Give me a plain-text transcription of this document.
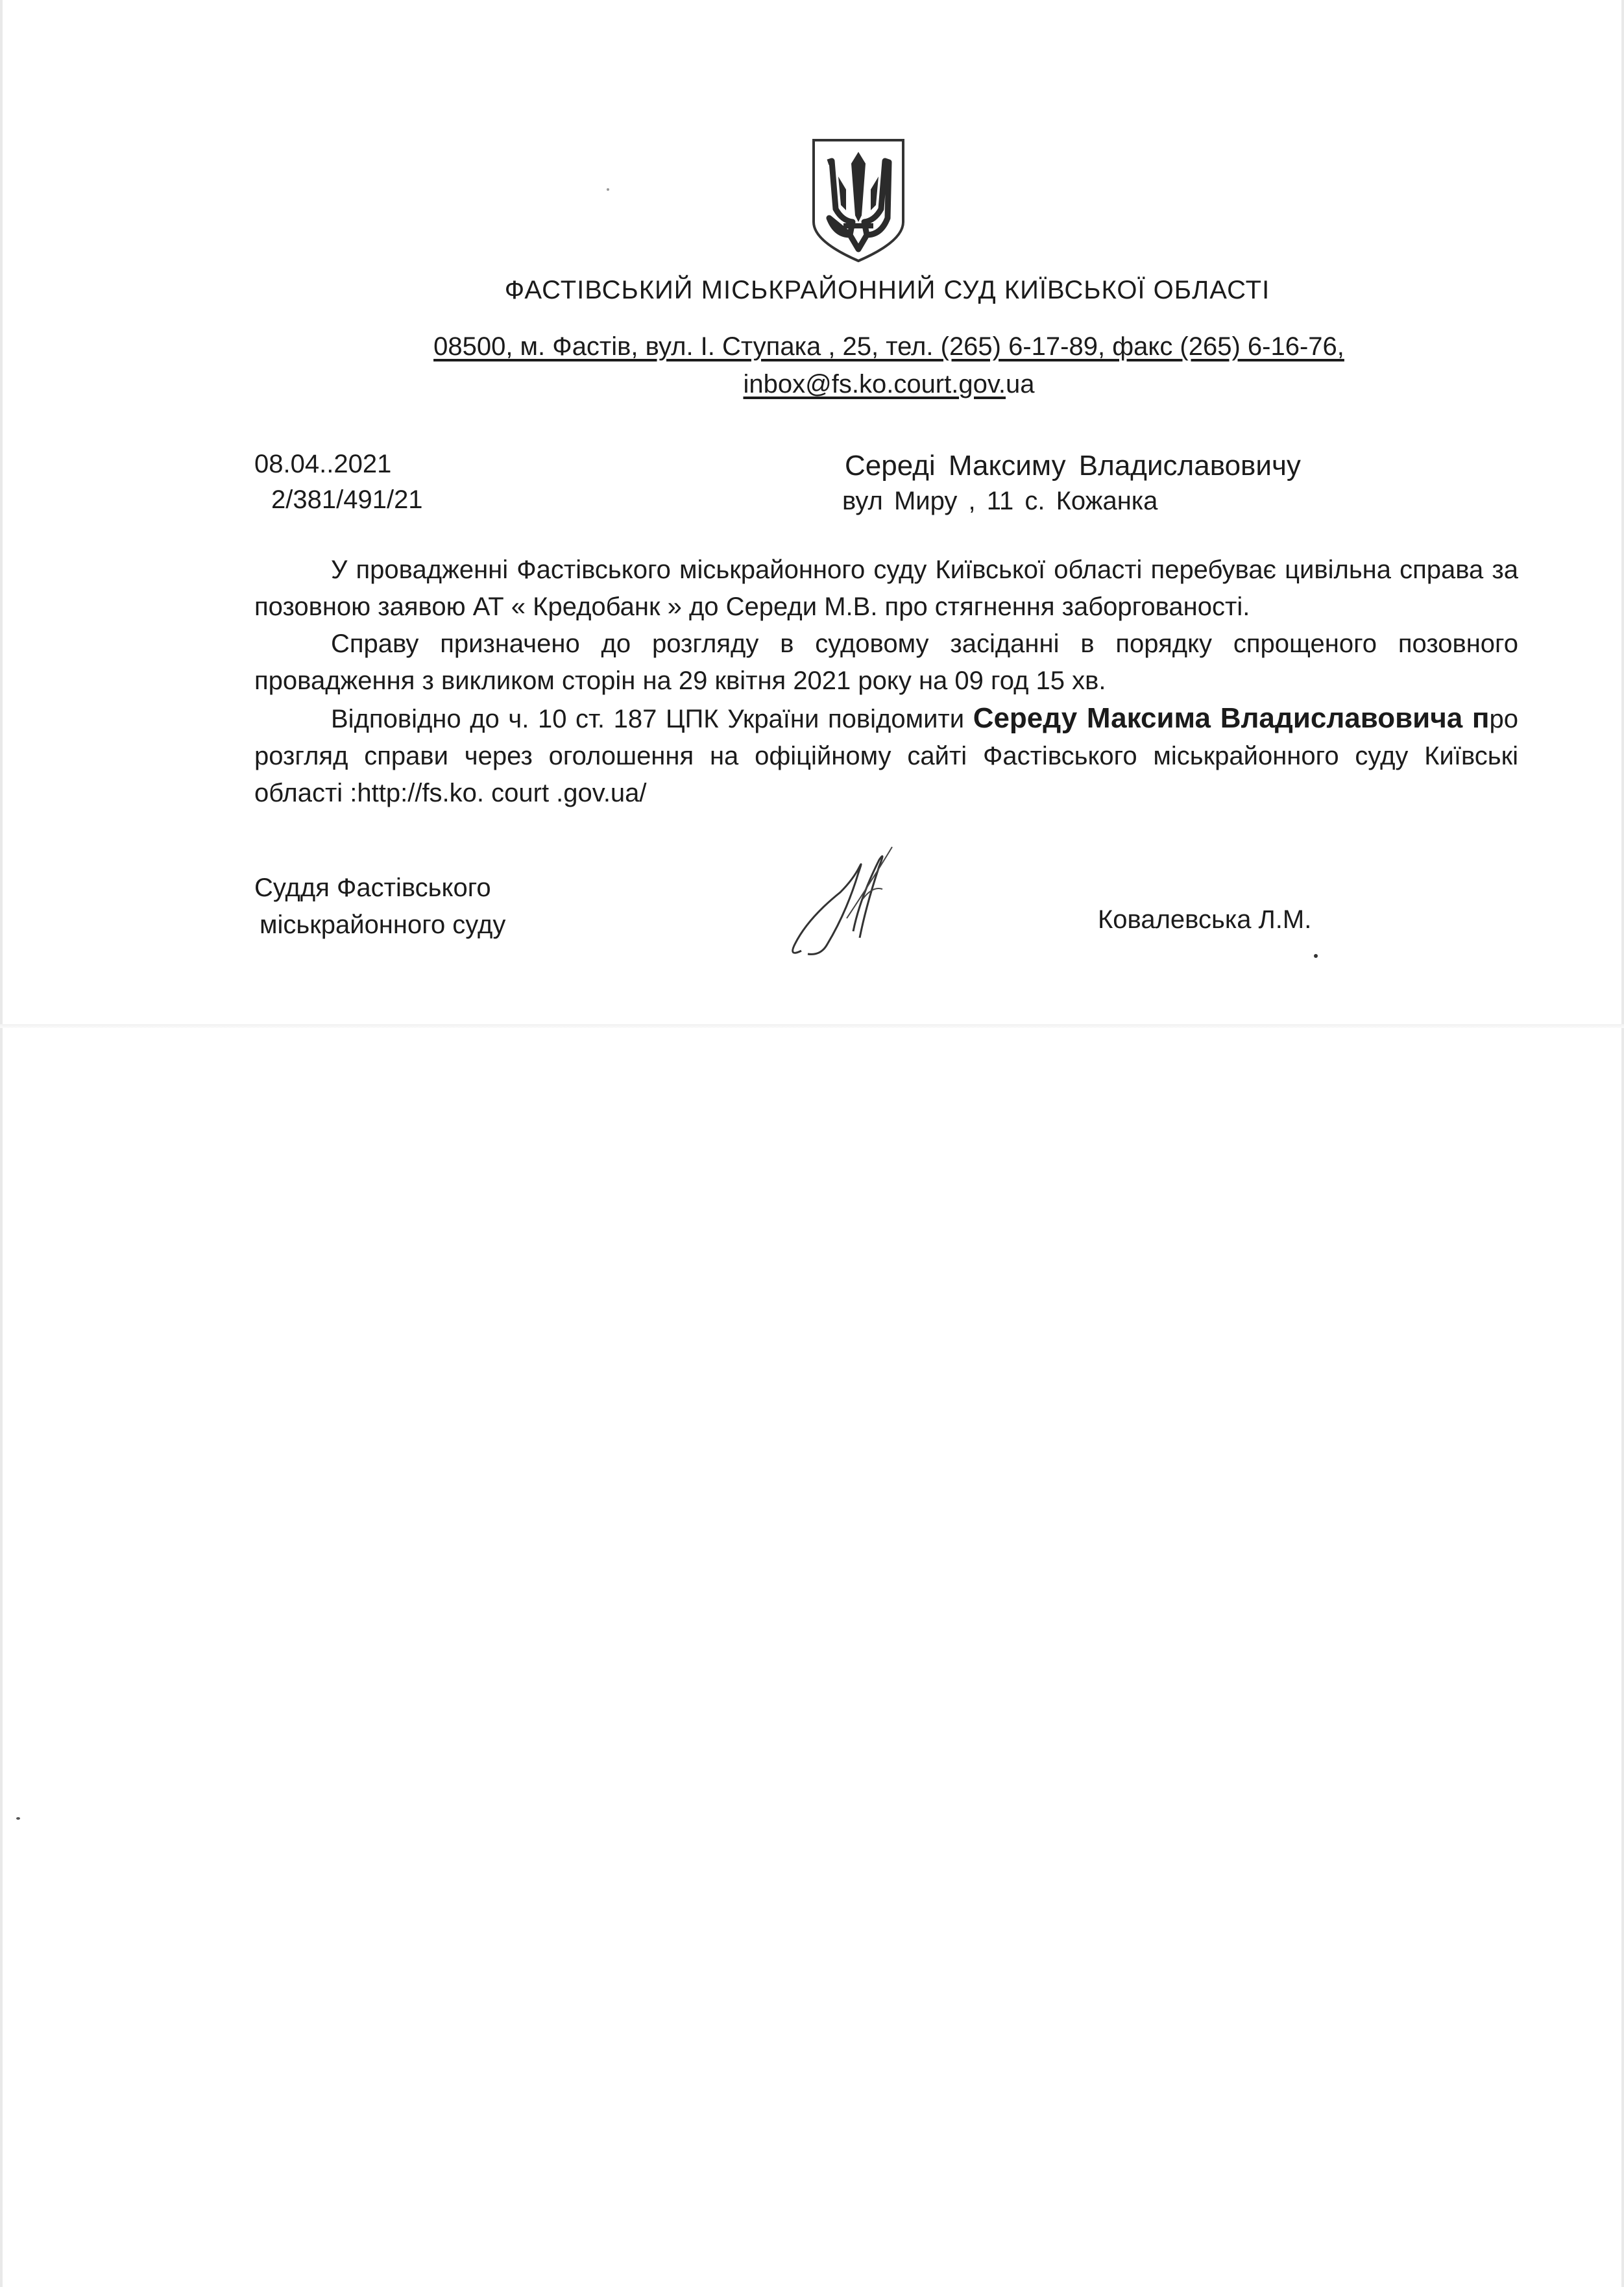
ФАСТІВСЬКИЙ МІСЬКРАЙОННИЙ СУД КИЇВСЬКОЇ ОБЛАСТІ
08500, м. Фастів, вул. І. Ступака , 25, тел. (265) 6-17-89, факс (265) 6-16-76,
inbox@fs.ko.court.gov.ua
08.04..2021
2/381/491/21
Середі Максиму Владиславовичу
вул Миру , 11 с. Кожанка

У провадженні Фастівського міськрайонного суду Київської області перебуває цивільна справа за позовною заявою АТ « Кредобанк » до Середи М.В. про стягнення заборгованості.

Справу призначено до розгляду в судовому засіданні в порядку спрощеного позовного провадження з викликом сторін на 29 квітня 2021 року на 09 год 15 хв.

Відповідно до ч. 10 ст. 187 ЦПК України повідомити Середу Максима Владиславовича про розгляд справи через оголошення на офіційному сайті Фастівського міськрайонного суду Київські області :http://fs.ko. court .gov.ua/

Суддя Фастівського
міськрайонного суду	Ковалевська Л.М.
